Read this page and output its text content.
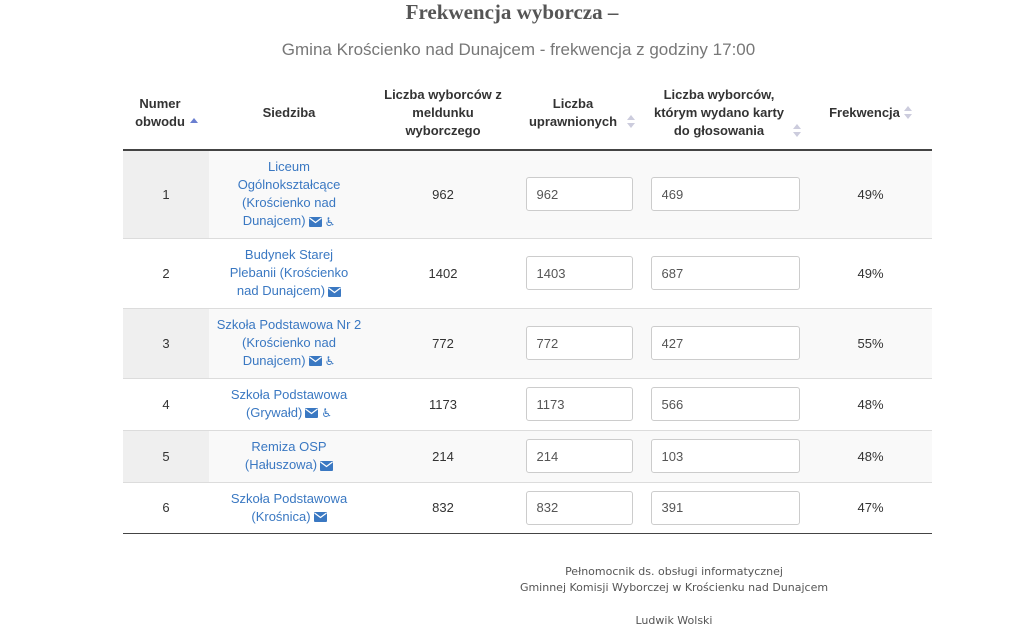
Frekwencja wyborcza –
Gmina Krościenko nad Dunajcem - frekwencja z godziny 17:00
Numer obwodu	Siedziba	Liczba wyborców z meldunku wyborczego	Liczba uprawnionych	Liczba wyborców, którym wydano karty do głosowania	Frekwencja

1	Liceum Ogólnokształcące (Krościenko nad Dunajcem) ♿	962	962	469	49%
2	Budynek Starej Plebanii (Krościenko nad Dunajcem)	1402	1403	687	49%
3	Szkoła Podstawowa Nr 2 (Krościenko nad Dunajcem) ♿	772	772	427	55%
4	Szkoła Podstawowa (Grywałd) ♿	1173	1173	566	48%
5	Remiza OSP (Hałuszowa)	214	214	103	48%
6	Szkoła Podstawowa (Krośnica)	832	832	391	47%
Pełnomocnik ds. obsługi informatycznej
Gminnej Komisji Wyborczej w Krościenku nad Dunajcem
Ludwik Wolski
